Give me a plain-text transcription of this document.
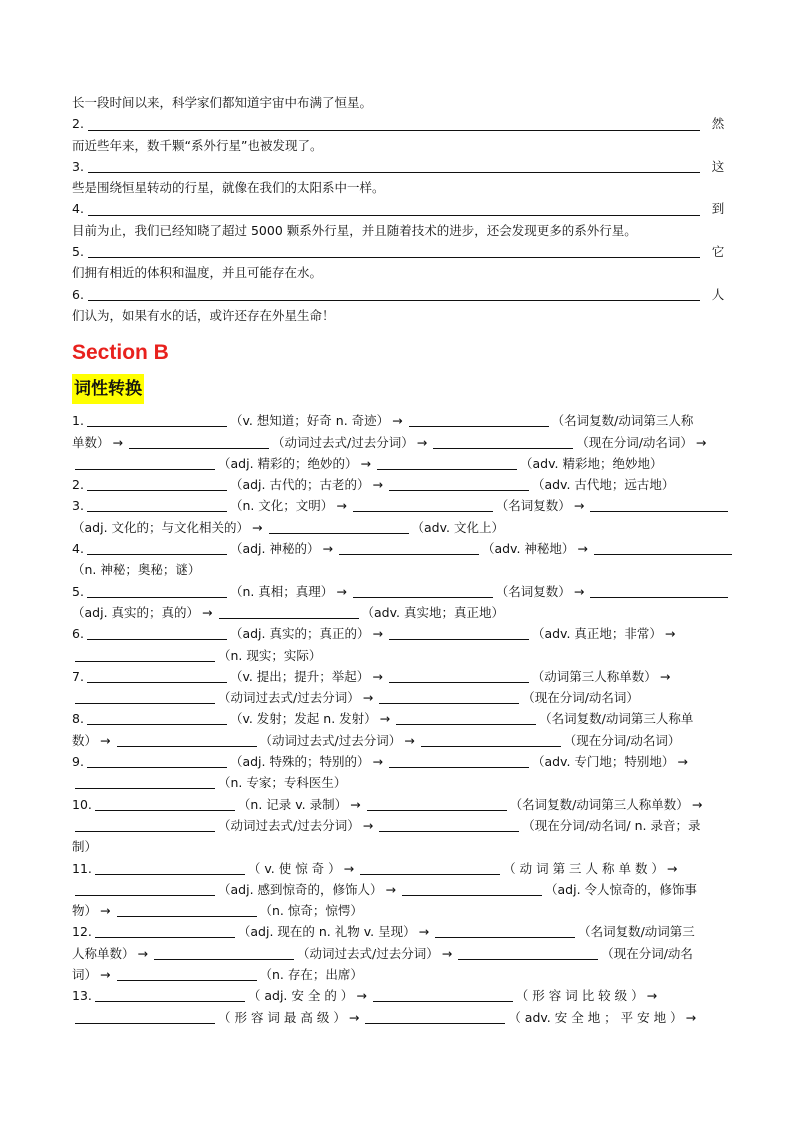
长一段时间以来，科学家们都知道宇宙中布满了恒星。
2.	然
而近些年来，数千颗“系外行星”也被发现了。
3.	这
些是围绕恒星转动的行星，就像在我们的太阳系中一样。
4.	到
目前为止，我们已经知晓了超过 5000 颗系外行星，并且随着技术的进步，还会发现更多的系外行星。
5.	它
们拥有相近的体积和温度，并且可能存在水。
6.	人
们认为，如果有水的话，或许还存在外星生命！
Section B
词性转换
1.	（v. 想知道；好奇 n. 奇迹） →	（名词复数/动词第三人称
单数） →	（动词过去式/过去分词） →	（现在分词/动名词） →
（adj. 精彩的；绝妙的） →	（adv. 精彩地；绝妙地）
2.	（adj. 古代的；古老的） →	（adv. 古代地；远古地）
3.	（n. 文化；文明） →	（名词复数） →
（adj. 文化的；与文化相关的） →	（adv. 文化上）
4.	（adj. 神秘的） →	（adv. 神秘地） →
（n. 神秘；奥秘；谜）
5.	（n. 真相；真理） →	（名词复数） →
（adj. 真实的；真的） →	（adv. 真实地；真正地）
6.	（adj. 真实的；真正的） →	（adv. 真正地；非常） →
（n. 现实；实际）
7.	（v. 提出；提升；举起） →	（动词第三人称单数） →
（动词过去式/过去分词） →	（现在分词/动名词）
8.	（v. 发射；发起 n. 发射） →	（名词复数/动词第三人称单
数） →	（动词过去式/过去分词） →	（现在分词/动名词）
9.	（adj. 特殊的；特别的） →	（adv. 专门地；特别地） →
（n. 专家；专科医生）
10.	（n. 记录 v. 录制） →	（名词复数/动词第三人称单数） →
（动词过去式/过去分词） →	（现在分词/动名词/ n. 录音；录
制）
11.	（ v. 使 惊 奇 ） →	（ 动 词 第 三 人 称 单 数 ） →
（adj. 感到惊奇的，修饰人） →	（adj. 令人惊奇的，修饰事
物） →	（n. 惊奇；惊愕）
12.	（adj. 现在的 n. 礼物 v. 呈现） →	（名词复数/动词第三
人称单数） →	（动词过去式/过去分词） →	（现在分词/动名
词） →	（n. 存在；出席）
13.	（ adj. 安 全 的 ） →	（ 形 容 词 比 较 级 ） →
（ 形 容 词 最 高 级 ） →	（ adv. 安 全 地 ； 平 安 地 ） →
